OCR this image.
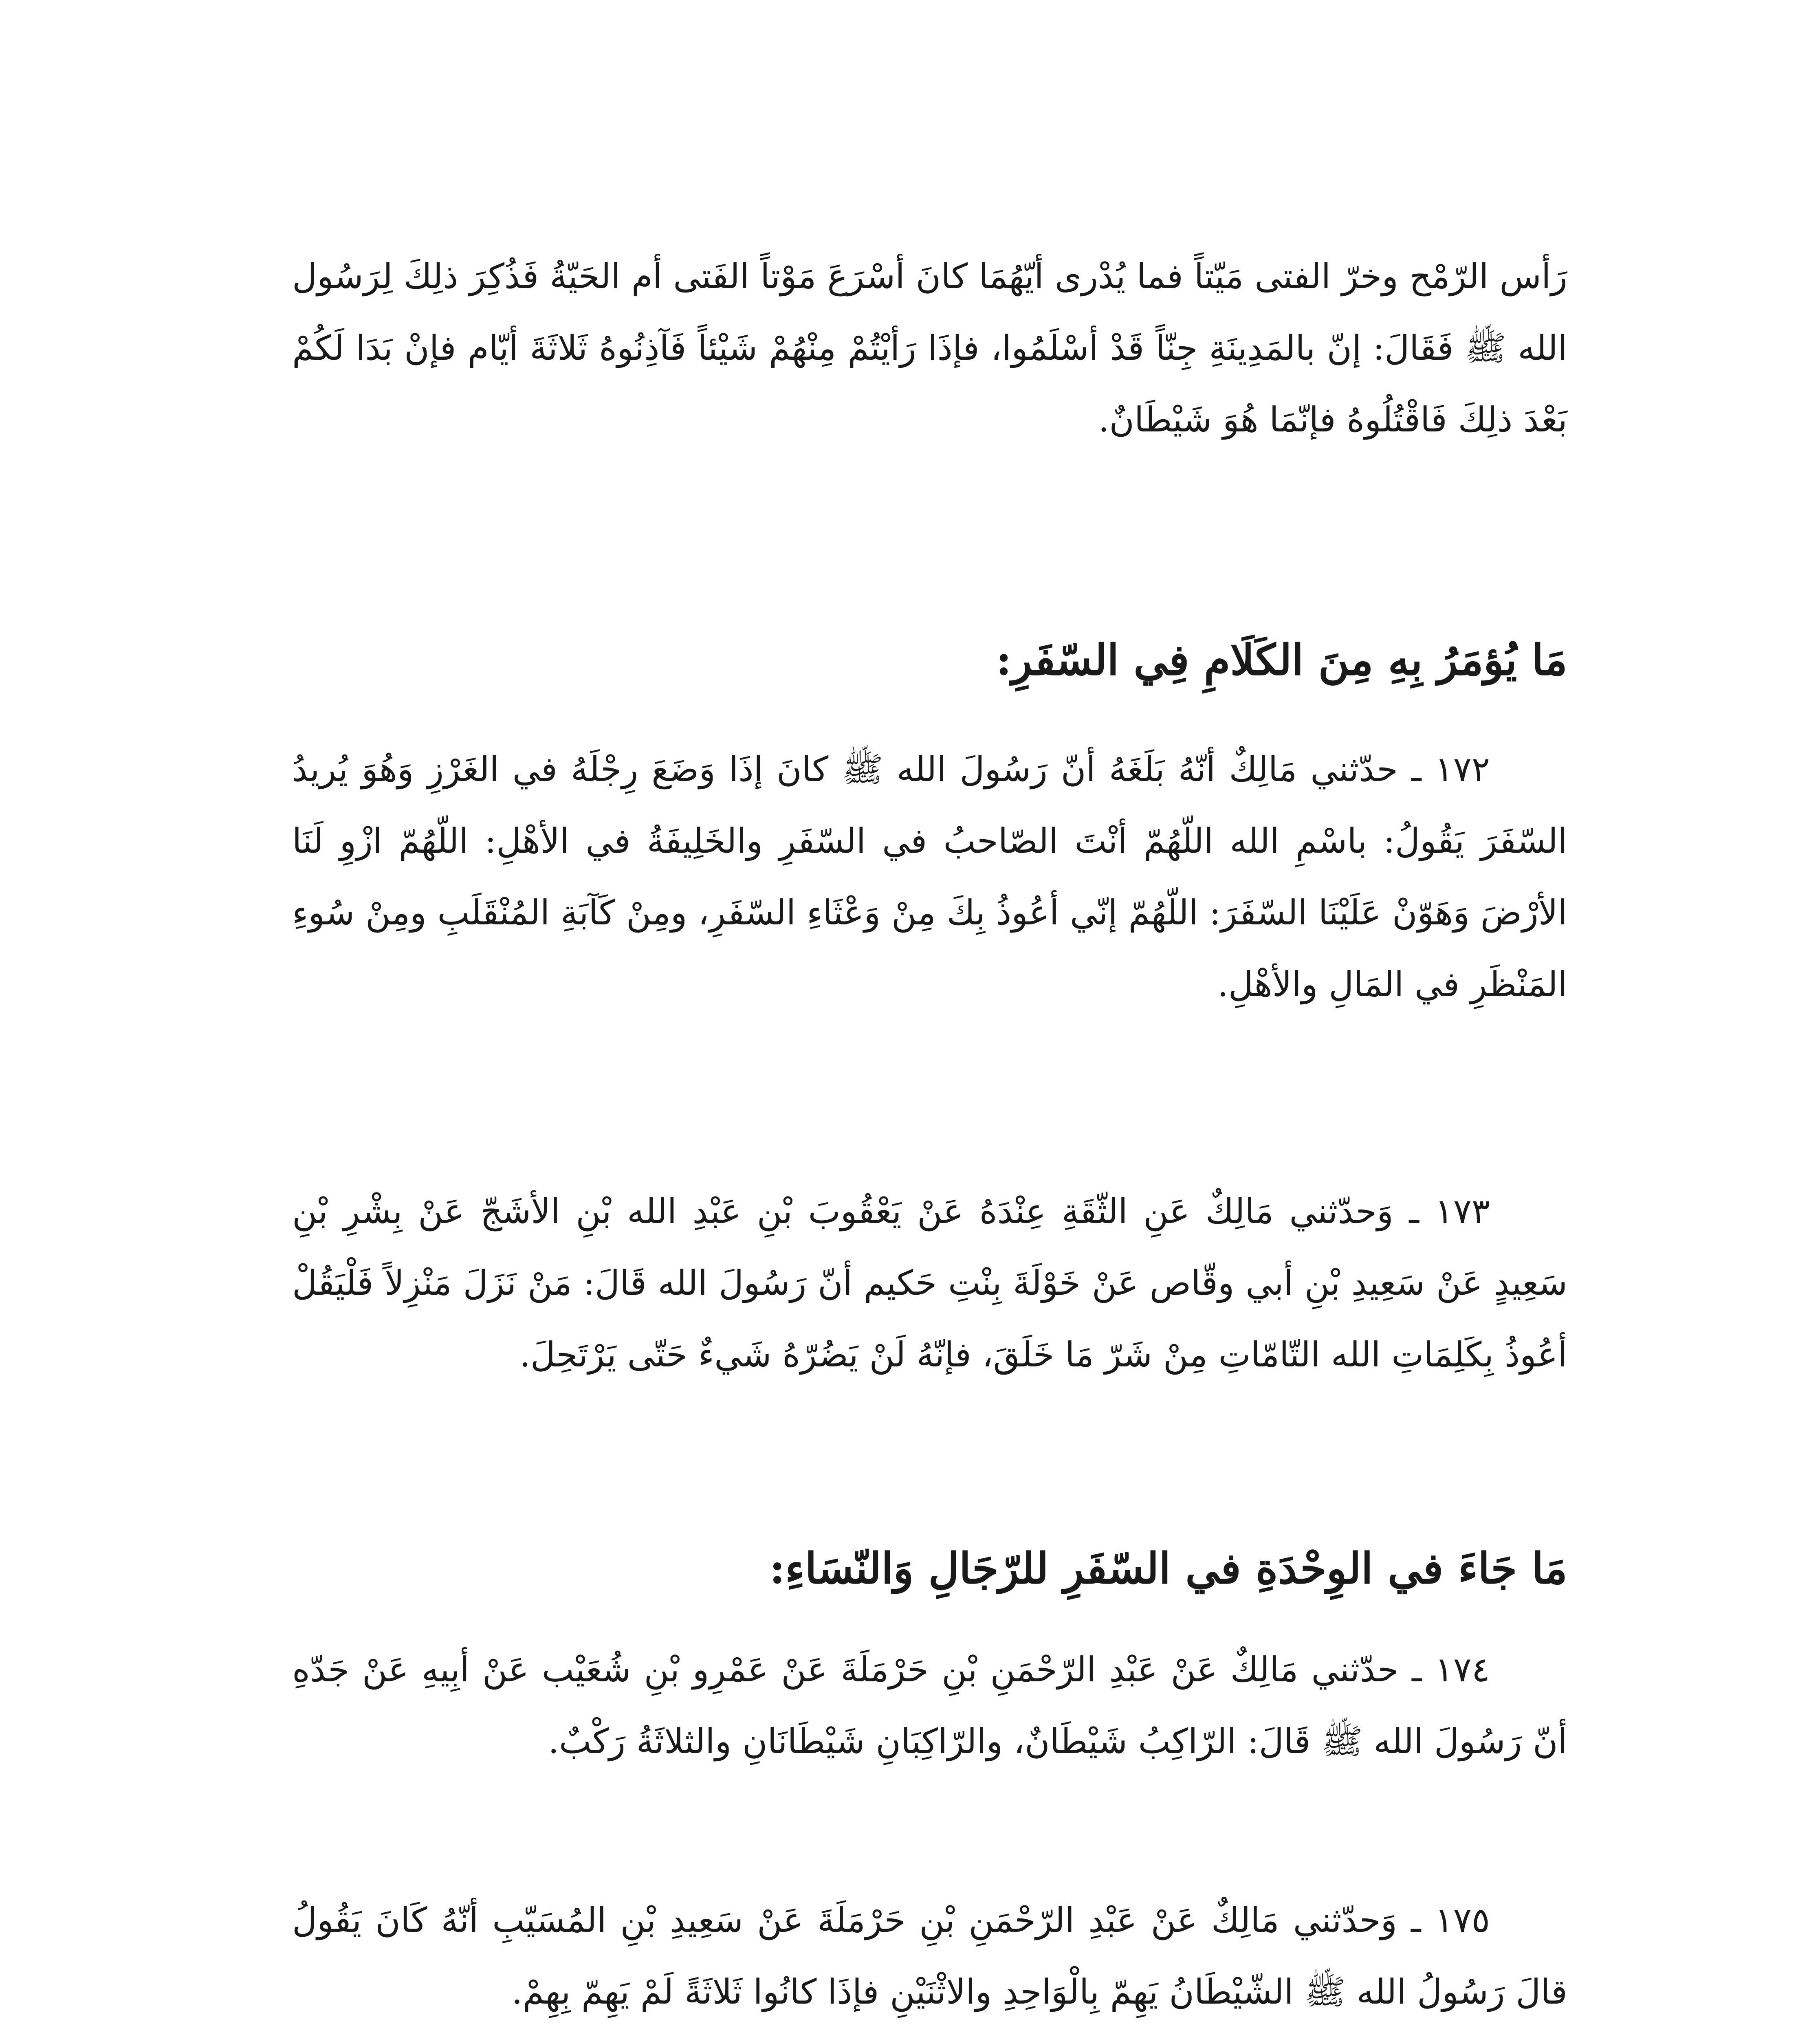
رَأس الرّمْح وخرّ الفتى مَيّتاً فما يُدْرى أيّهُمَا كانَ أسْرَعَ مَوْتاً الفَتى أم الحَيّةُ فَذُكِرَ ذلِكَ لِرَسُول الله ﷺ فَقَالَ: إنّ بالمَدِينَةِ جِنّاً قَدْ أسْلَمُوا، فإذَا رَأيْتُمْ مِنْهُمْ شَيْئاً فَآذِنُوهُ ثَلاثَةَ أيّام فإنْ بَدَا لَكُمْ بَعْدَ ذلِكَ فَاقْتُلُوهُ فإنّمَا هُوَ شَيْطَانٌ.

مَا يُؤمَرُ بِهِ مِنَ الكَلَامِ فِي السّفَرِ:

١٧٢ ـ حدّثني مَالِكٌ أنّهُ بَلَغَهُ أنّ رَسُولَ الله ﷺ كانَ إذَا وَضَعَ رِجْلَهُ في الغَرْزِ وَهُوَ يُريدُ السّفَرَ يَقُولُ: باسْمِ الله اللّهُمّ أنْتَ الصّاحبُ في السّفَرِ والخَلِيفَةُ في الأهْلِ: اللّهُمّ ازْوِ لَنَا الأرْضَ وَهَوّنْ عَلَيْنَا السّفَرَ: اللّهُمّ إنّي أعُوذُ بِكَ مِنْ وَعْثَاءِ السّفَرِ، ومِنْ كَآبَةِ المُنْقَلَبِ ومِنْ سُوءِ المَنْظَرِ في المَالِ والأهْلِ.

١٧٣ ـ وَحدّثني مَالِكٌ عَنِ الثّقَةِ عِنْدَهُ عَنْ يَعْقُوبَ بْنِ عَبْدِ الله بْنِ الأشَجّ عَنْ بِشْرِ بْنِ سَعِيدٍ عَنْ سَعِيدِ بْنِ أبي وقّاص عَنْ خَوْلَةَ بِنْتِ حَكيم أنّ رَسُولَ الله قَالَ: مَنْ نَزَلَ مَنْزِلاً فَلْيَقُلْ أعُوذُ بِكَلِمَاتِ الله التّامّاتِ مِنْ شَرّ مَا خَلَقَ، فإنّهُ لَنْ يَضُرّهُ شَيءٌ حَتّى يَرْتَحِلَ.

مَا جَاءَ في الوِحْدَةِ في السّفَرِ للرّجَالِ وَالنّسَاءِ:

١٧٤ ـ حدّثني مَالِكٌ عَنْ عَبْدِ الرّحْمَنِ بْنِ حَرْمَلَةَ عَنْ عَمْرِو بْنِ شُعَيْب عَنْ أبِيهِ عَنْ جَدّهِ أنّ رَسُولَ الله ﷺ قَالَ: الرّاكِبُ شَيْطَانٌ، والرّاكِبَانِ شَيْطَانَانِ والثلاثَةُ رَكْبٌ.

١٧٥ ـ وَحدّثني مَالِكٌ عَنْ عَبْدِ الرّحْمَنِ بْنِ حَرْمَلَةَ عَنْ سَعِيدِ بْنِ المُسَيّبِ أنّهُ كَانَ يَقُولُ قالَ رَسُولُ الله ﷺ الشّيْطَانُ يَهِمّ بِالْوَاحِدِ والاثْنَيْنِ فإذَا كانُوا ثَلاثَةً لَمْ يَهِمّ بِهِمْ.
